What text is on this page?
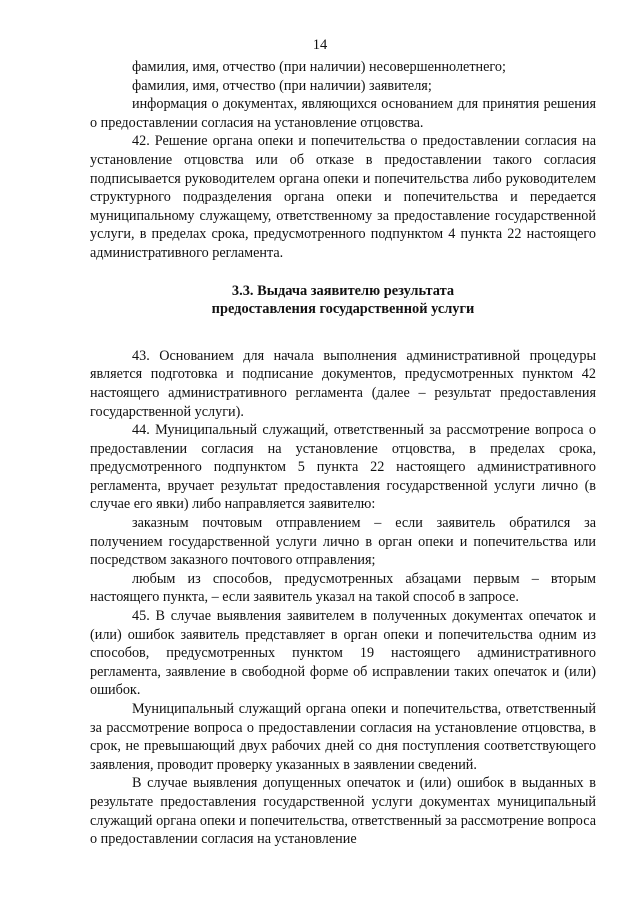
14

фамилия, имя, отчество (при наличии) несовершеннолетнего;

фамилия, имя, отчество (при наличии) заявителя;

информация о документах, являющихся основанием для принятия решения о предоставлении согласия на установление отцовства.

42. Решение органа опеки и попечительства о предоставлении согласия на установление отцовства или об отказе в предоставлении такого согласия подписывается руководителем органа опеки и попечительства либо руководителем структурного подразделения органа опеки и попечительства и передается муниципальному служащему, ответственному за предоставление государственной услуги, в пределах срока, предусмотренного подпунктом 4 пункта 22 настоящего административного регламента.

3.3. Выдача заявителю результата
предоставления государственной услуги

43. Основанием для начала выполнения административной процедуры является подготовка и подписание документов, предусмотренных пунктом 42 настоящего административного регламента (далее – результат предоставления государственной услуги).

44. Муниципальный служащий, ответственный за рассмотрение вопроса о предоставлении согласия на установление отцовства, в пределах срока, предусмотренного подпунктом 5 пункта 22 настоящего административного регламента, вручает результат предоставления государственной услуги лично (в случае его явки) либо направляется заявителю:

заказным почтовым отправлением – если заявитель обратился за получением государственной услуги лично в орган опеки и попечительства или посредством заказного почтового отправления;

любым из способов, предусмотренных абзацами первым – вторым настоящего пункта, – если заявитель указал на такой способ в запросе.

45. В случае выявления заявителем в полученных документах опечаток и (или) ошибок заявитель представляет в орган опеки и попечительства одним из способов, предусмотренных пунктом 19 настоящего административного регламента, заявление в свободной форме об исправлении таких опечаток и (или) ошибок.

Муниципальный служащий органа опеки и попечительства, ответственный за рассмотрение вопроса о предоставлении согласия на установление отцовства, в срок, не превышающий двух рабочих дней со дня поступления соответствующего заявления, проводит проверку указанных в заявлении сведений.

В случае выявления допущенных опечаток и (или) ошибок в выданных в результате предоставления государственной услуги документах муниципальный служащий органа опеки и попечительства, ответственный за рассмотрение вопроса о предоставлении согласия на установление
